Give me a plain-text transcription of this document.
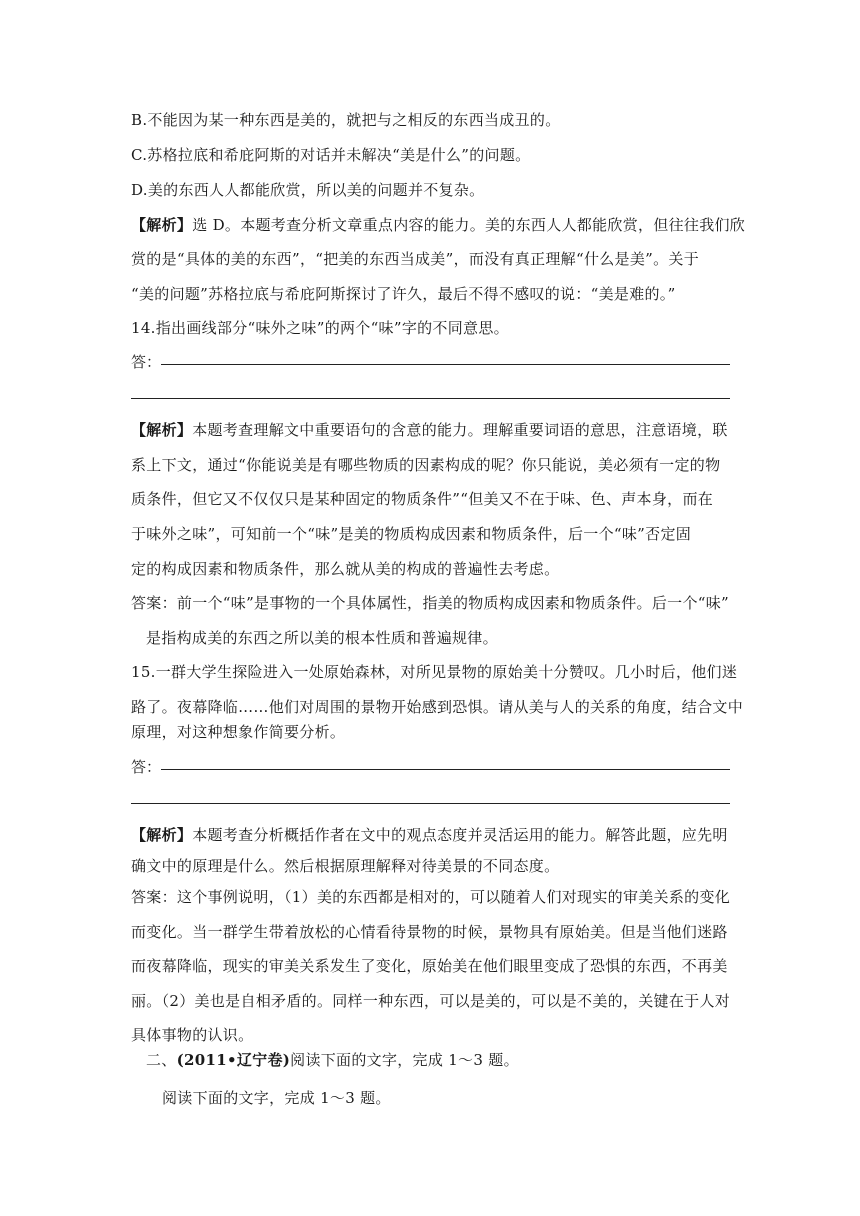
B.不能因为某一种东西是美的，就把与之相反的东西当成丑的。
C.苏格拉底和希庇阿斯的对话并未解决“美是什么”的问题。
D.美的东西人人都能欣赏，所以美的问题并不复杂。
【解析】选 D。本题考查分析文章重点内容的能力。美的东西人人都能欣赏，但往往我们欣
赏的是“具体的美的东西”，“把美的东西当成美”，而没有真正理解“什么是美”。关于
“美的问题”苏格拉底与希庇阿斯探讨了许久，最后不得不感叹的说：“美是难的。”
14.指出画线部分“味外之味”的两个“味”字的不同意思。
答：
【解析】本题考查理解文中重要语句的含意的能力。理解重要词语的意思，注意语境，联
系上下文，通过“你能说美是有哪些物质的因素构成的呢？你只能说，美必须有一定的物
质条件，但它又不仅仅只是某种固定的物质条件”“但美又不在于味、色、声本身，而在
于味外之味”，可知前一个“味”是美的物质构成因素和物质条件，后一个“味”否定固
定的构成因素和物质条件，那么就从美的构成的普遍性去考虑。
答案：前一个“味”是事物的一个具体属性，指美的物质构成因素和物质条件。后一个“味”
是指构成美的东西之所以美的根本性质和普遍规律。
15.一群大学生探险进入一处原始森林，对所见景物的原始美十分赞叹。几小时后，他们迷
路了。夜幕降临……他们对周围的景物开始感到恐惧。请从美与人的关系的角度，结合文中
原理，对这种想象作简要分析。
答：
【解析】本题考查分析概括作者在文中的观点态度并灵活运用的能力。解答此题，应先明
确文中的原理是什么。然后根据原理解释对待美景的不同态度。
答案：这个事例说明，（1）美的东西都是相对的，可以随着人们对现实的审美关系的变化
而变化。当一群学生带着放松的心情看待景物的时候，景物具有原始美。但是当他们迷路
而夜幕降临，现实的审美关系发生了变化，原始美在他们眼里变成了恐惧的东西，不再美
丽。（2）美也是自相矛盾的。同样一种东西，可以是美的，可以是不美的，关键在于人对
具体事物的认识。
二、(2011•辽宁卷)阅读下面的文字，完成 1～3 题。
阅读下面的文字，完成 1～3 题。
